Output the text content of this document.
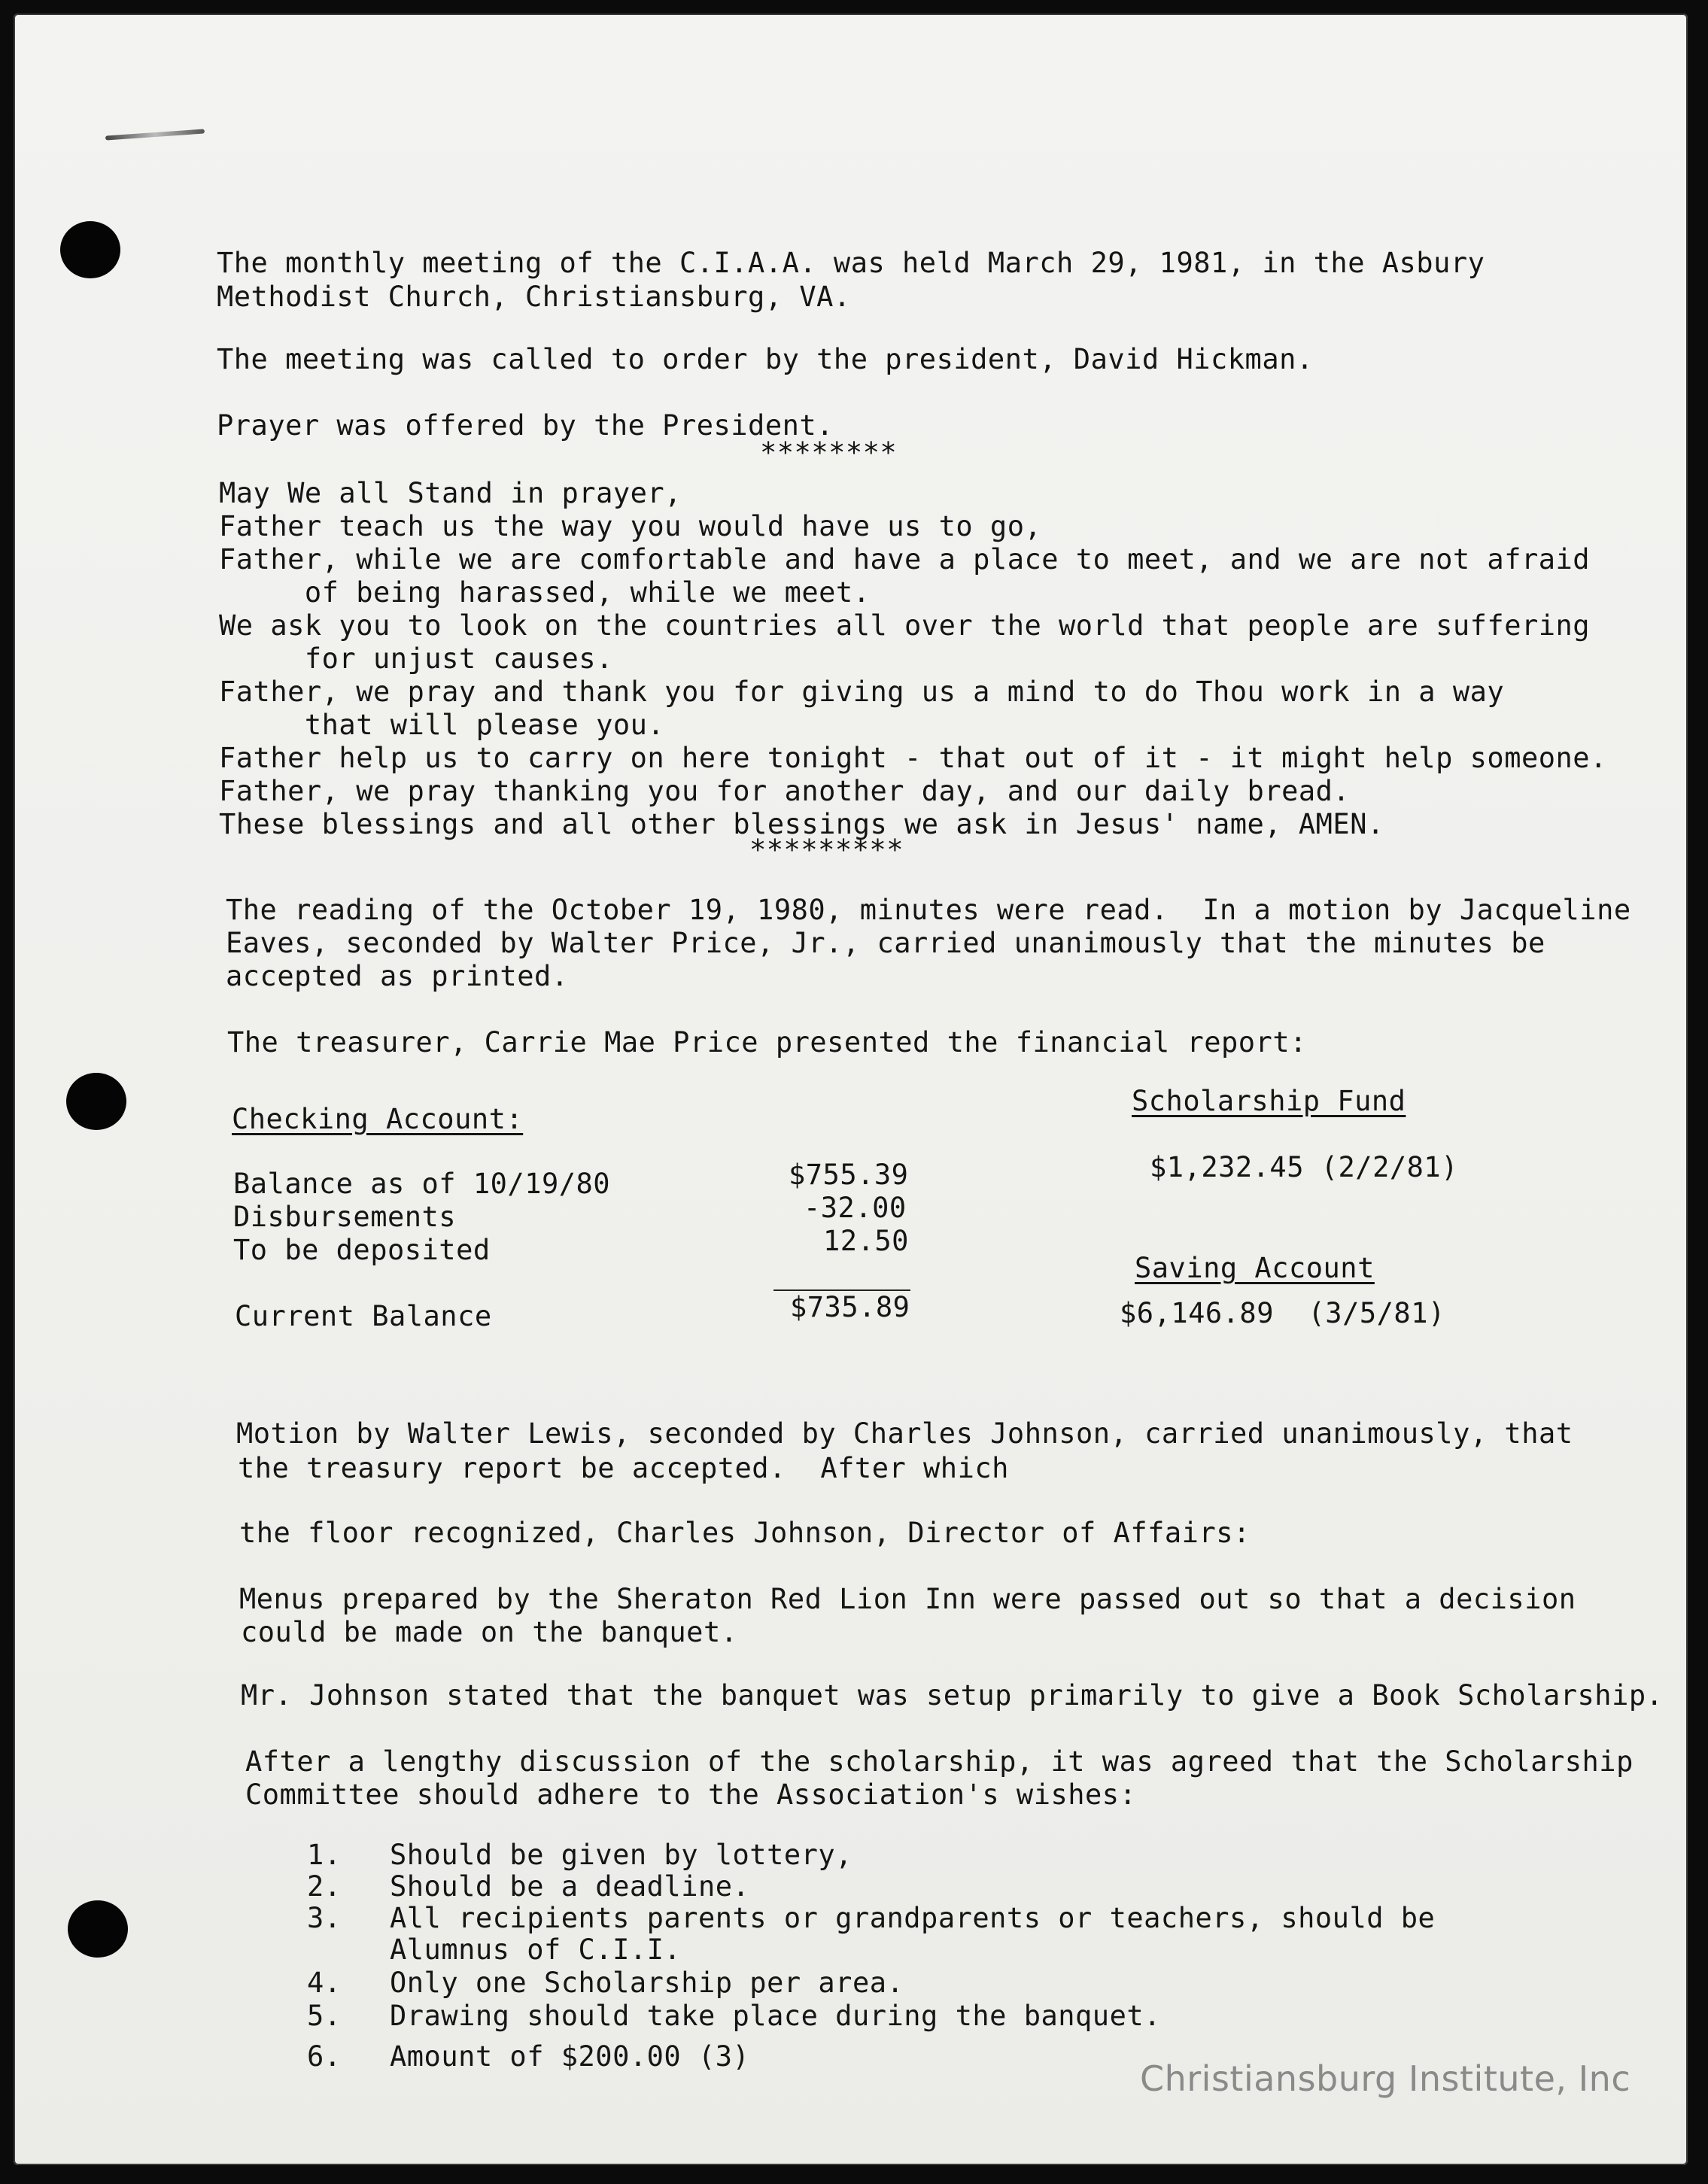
The monthly meeting of the C.I.A.A. was held March 29, 1981, in the Asbury
Methodist Church, Christiansburg, VA.
The meeting was called to order by the president, David Hickman.
Prayer was offered by the President.
********
May We all Stand in prayer,
Father teach us the way you would have us to go,
Father, while we are comfortable and have a place to meet, and we are not afraid
of being harassed, while we meet.
We ask you to look on the countries all over the world that people are suffering
for unjust causes.
Father, we pray and thank you for giving us a mind to do Thou work in a way
that will please you.
Father help us to carry on here tonight - that out of it - it might help someone.
Father, we pray thanking you for another day, and our daily bread.
These blessings and all other blessings we ask in Jesus' name, AMEN.
*********
The reading of the October 19, 1980, minutes were read.  In a motion by Jacqueline
Eaves, seconded by Walter Price, Jr., carried unanimously that the minutes be
accepted as printed.
The treasurer, Carrie Mae Price presented the financial report:
Checking Account:
Balance as of 10/19/80	$755.39
Disbursements	-32.00
To be deposited	12.50
Current Balance	$735.89
Scholarship Fund
$1,232.45 (2/2/81)
Saving Account
$6,146.89  (3/5/81)
Motion by Walter Lewis, seconded by Charles Johnson, carried unanimously, that
the treasury report be accepted.  After which
the floor recognized, Charles Johnson, Director of Affairs:
Menus prepared by the Sheraton Red Lion Inn were passed out so that a decision
could be made on the banquet.
Mr. Johnson stated that the banquet was setup primarily to give a Book Scholarship.
After a lengthy discussion of the scholarship, it was agreed that the Scholarship
Committee should adhere to the Association's wishes:
1. Should be given by lottery,
2. Should be a deadline.
3. All recipients parents or grandparents or teachers, should be
Alumnus of C.I.I.
4. Only one Scholarship per area.
5. Drawing should take place during the banquet.
6. Amount of $200.00 (3)
Christiansburg Institute, Inc
